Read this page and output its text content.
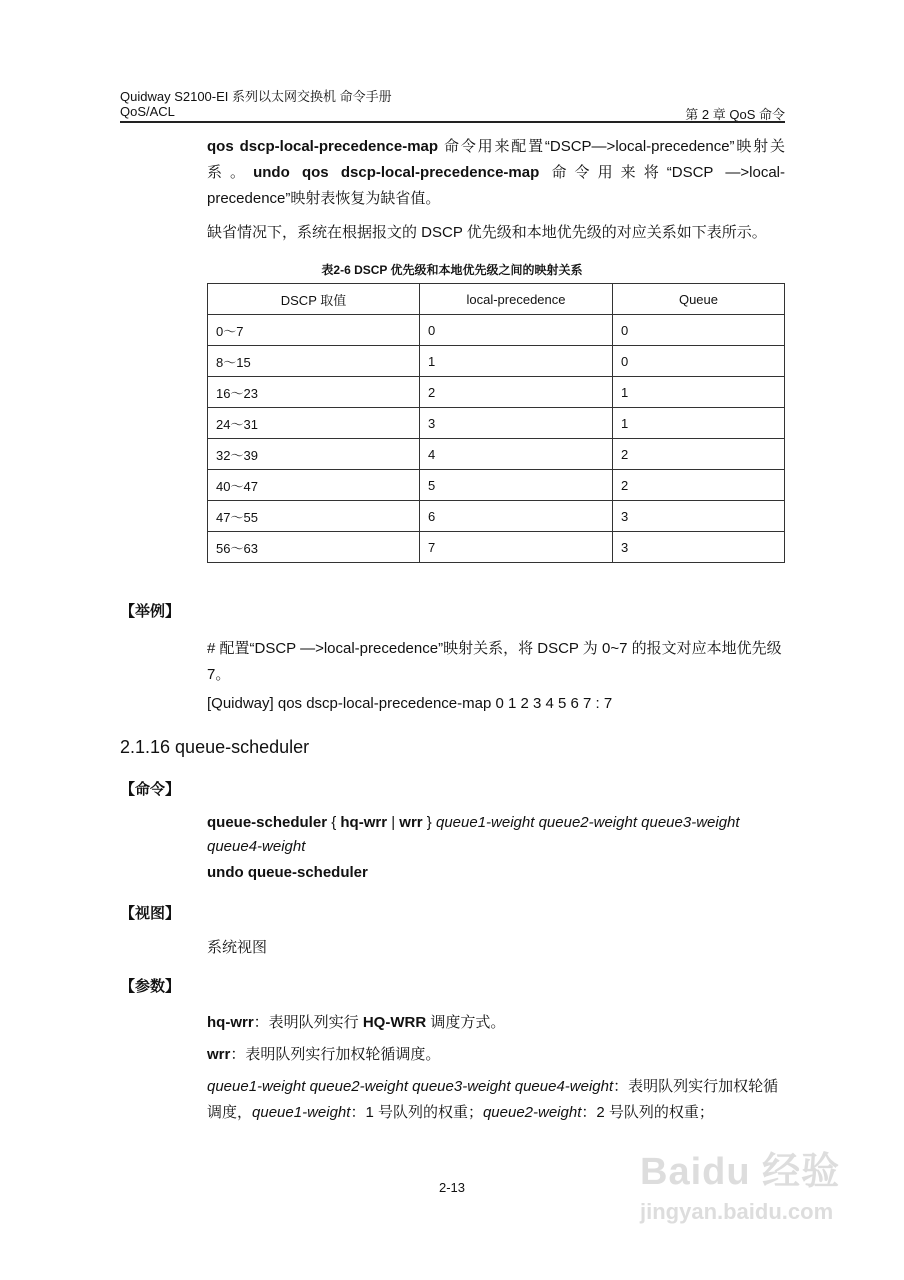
Quidway S2100-EI 系列以太网交换机 命令手册
QoS/ACL	第 2 章 QoS 命令
qos dscp-local-precedence-map 命令用来配置“DSCP—>local-precedence”映射关系。undo qos dscp-local-precedence-map 命令用来将“DSCP —>local-precedence”映射表恢复为缺省值。
缺省情况下，系统在根据报文的 DSCP 优先级和本地优先级的对应关系如下表所示。
表2-6 DSCP 优先级和本地优先级之间的映射关系
DSCP 取值	local-precedence	Queue
0～7	0	0
8～15	1	0
16～23	2	1
24～31	3	1
32～39	4	2
40～47	5	2
47～55	6	3
56～63	7	3
【举例】
# 配置“DSCP —>local-precedence”映射关系，将 DSCP 为 0~7 的报文对应本地优先级 7。
[Quidway] qos dscp-local-precedence-map 0 1 2 3 4 5 6 7 : 7
2.1.16 queue-scheduler
【命令】
queue-scheduler { hq-wrr | wrr } queue1-weight queue2-weight queue3-weight queue4-weight
undo queue-scheduler
【视图】
系统视图
【参数】
hq-wrr：表明队列实行 HQ-WRR 调度方式。
wrr：表明队列实行加权轮循调度。
queue1-weight queue2-weight queue3-weight queue4-weight：表明队列实行加权轮循调度，queue1-weight：1 号队列的权重；queue2-weight：2 号队列的权重；
2-13	Baidu 经验
jingyan.baidu.com
